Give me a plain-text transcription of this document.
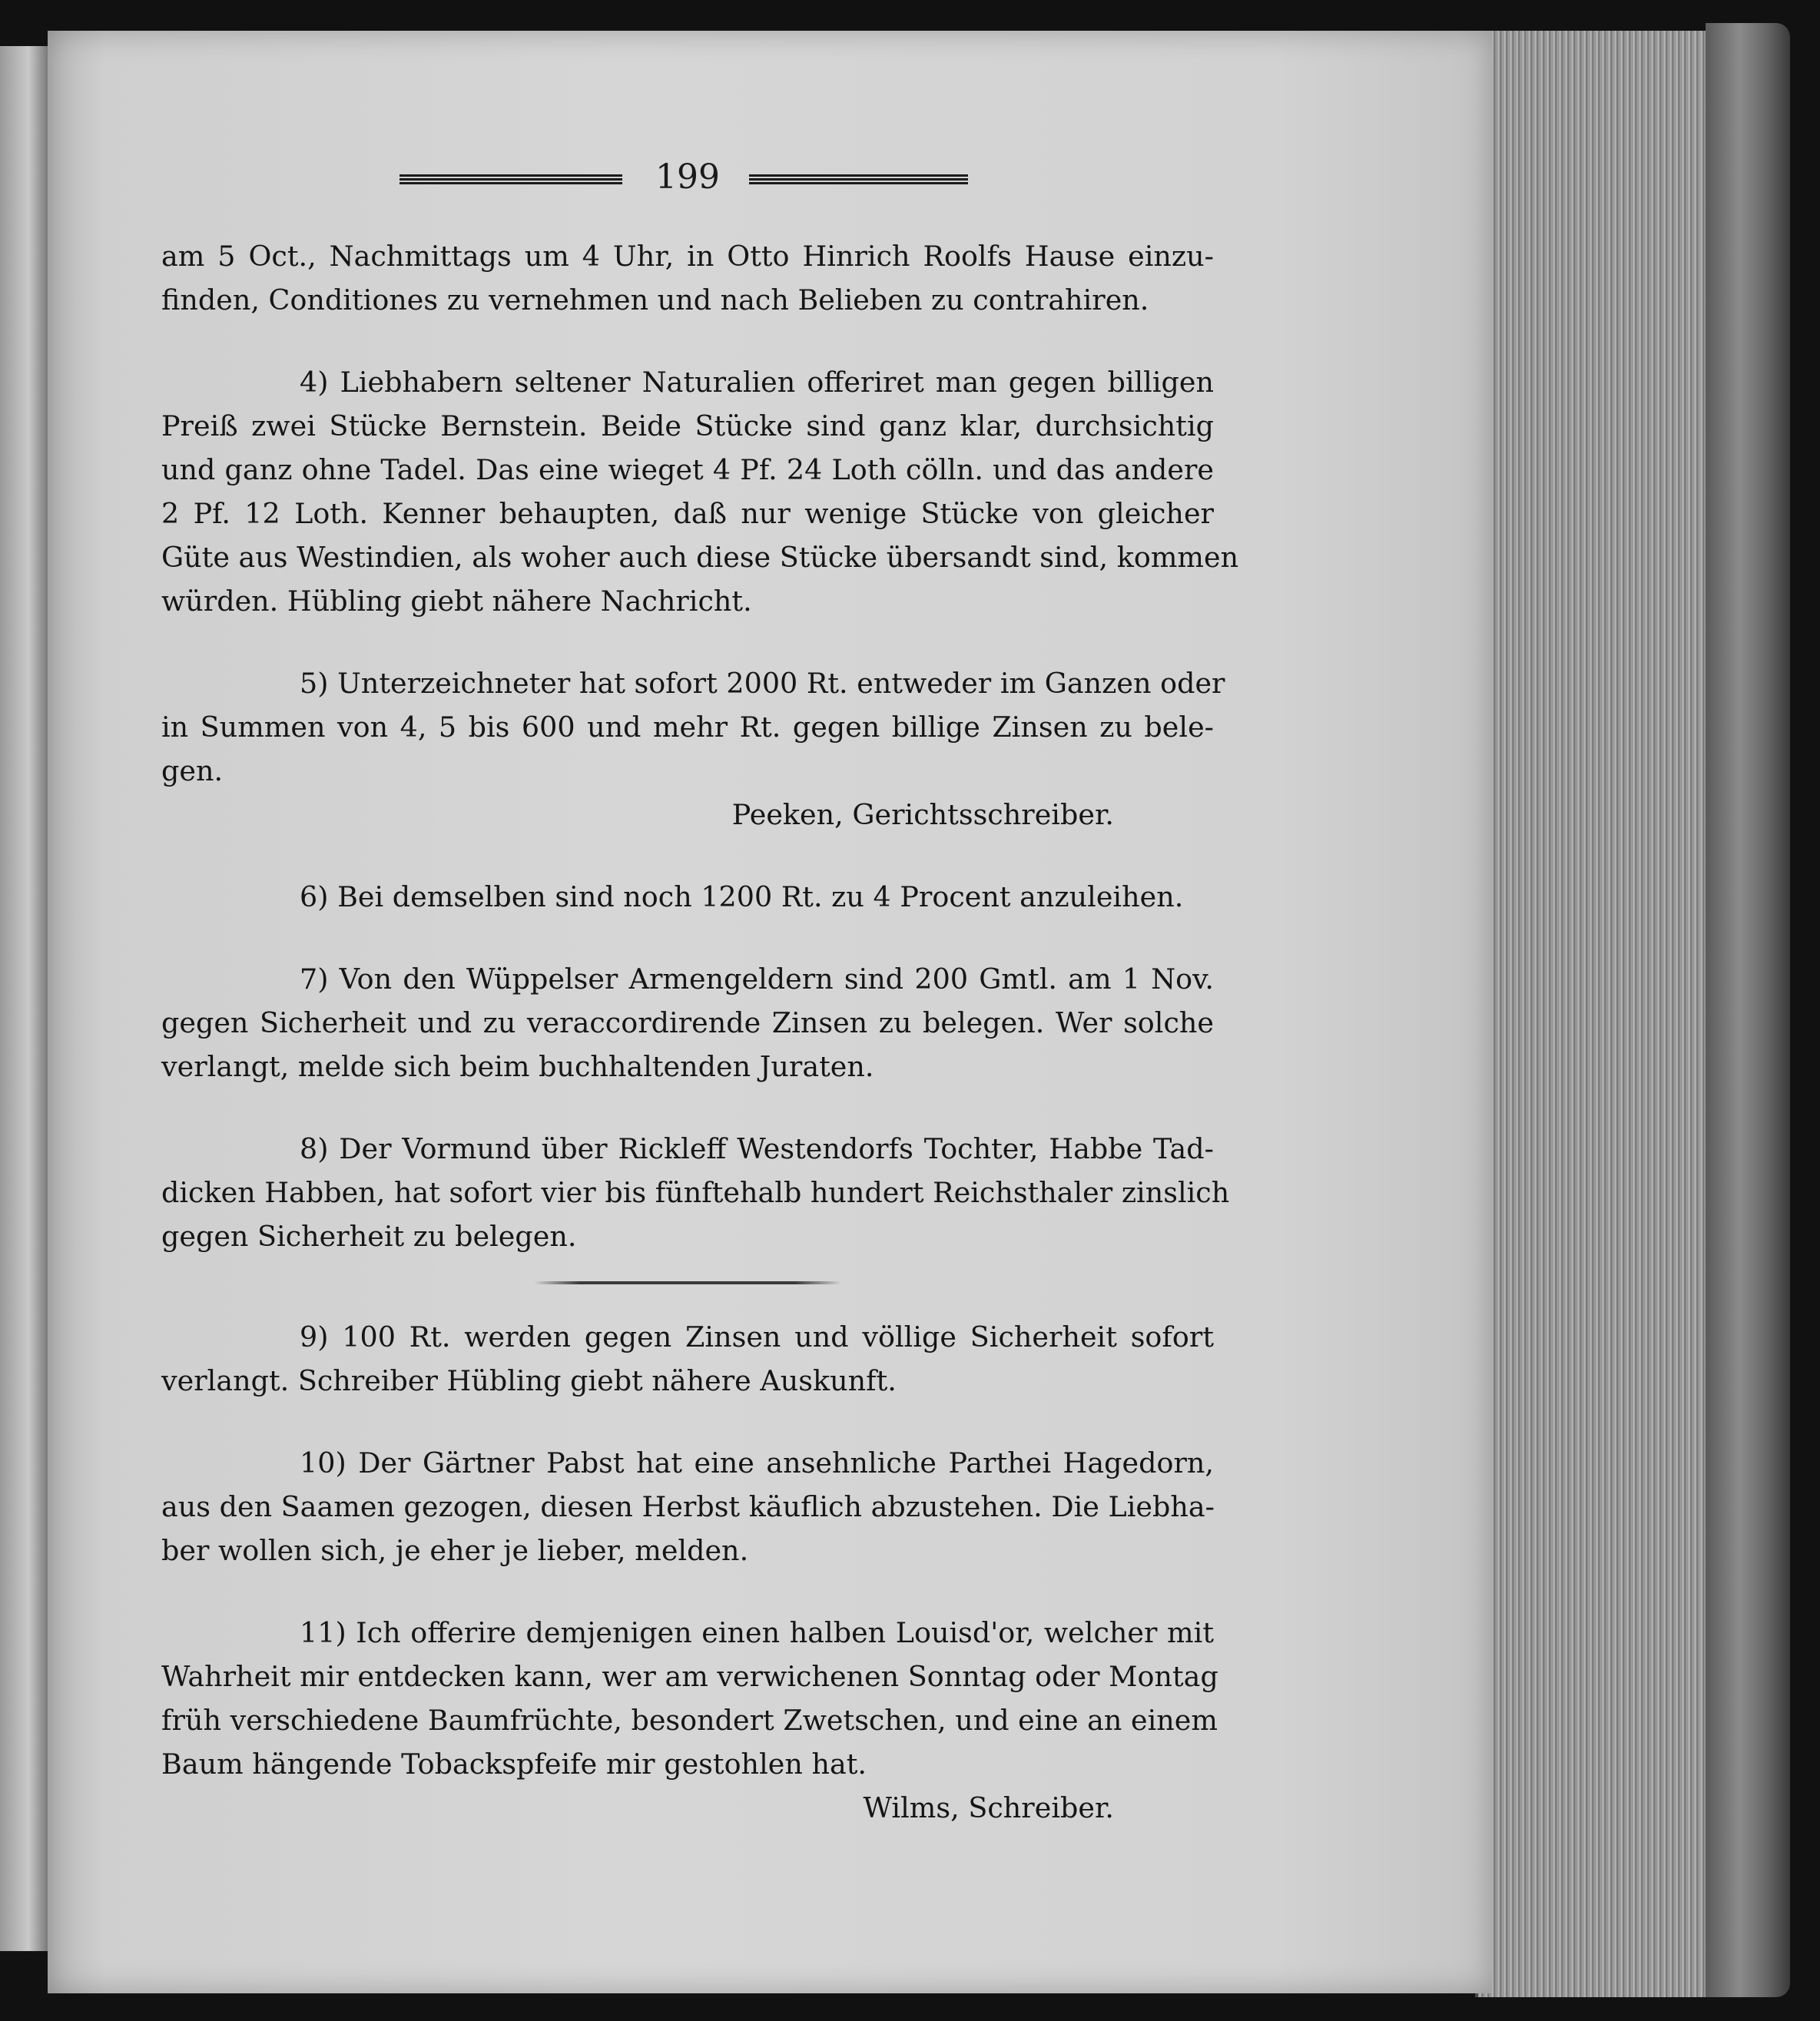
199
am 5 Oct., Nachmittags um 4 Uhr, in Otto Hinrich Roolfs Hause einzu-
finden, Conditiones zu vernehmen und nach Belieben zu contrahiren.
4) Liebhabern seltener Naturalien offeriret man gegen billigen
Preiß zwei Stücke Bernstein. Beide Stücke sind ganz klar, durchsichtig
und ganz ohne Tadel. Das eine wieget 4 Pf. 24 Loth cölln. und das andere
2 Pf. 12 Loth. Kenner behaupten, daß nur wenige Stücke von gleicher
Güte aus Westindien, als woher auch diese Stücke übersandt sind, kommen
würden. Hübling giebt nähere Nachricht.
5) Unterzeichneter hat sofort 2000 Rt. entweder im Ganzen oder
in Summen von 4, 5 bis 600 und mehr Rt. gegen billige Zinsen zu bele-
gen.
Peeken, Gerichtsschreiber.
6) Bei demselben sind noch 1200 Rt. zu 4 Procent anzuleihen.
7) Von den Wüppelser Armengeldern sind 200 Gmtl. am 1 Nov.
gegen Sicherheit und zu veraccordirende Zinsen zu belegen. Wer solche
verlangt, melde sich beim buchhaltenden Juraten.
8) Der Vormund über Rickleff Westendorfs Tochter, Habbe Tad-
dicken Habben, hat sofort vier bis fünftehalb hundert Reichsthaler zinslich
gegen Sicherheit zu belegen.
9) 100 Rt. werden gegen Zinsen und völlige Sicherheit sofort
verlangt. Schreiber Hübling giebt nähere Auskunft.
10) Der Gärtner Pabst hat eine ansehnliche Parthei Hagedorn,
aus den Saamen gezogen, diesen Herbst käuflich abzustehen. Die Liebha-
ber wollen sich, je eher je lieber, melden.
11) Ich offerire demjenigen einen halben Louisd'or, welcher mit
Wahrheit mir entdecken kann, wer am verwichenen Sonntag oder Montag
früh verschiedene Baumfrüchte, besondert Zwetschen, und eine an einem
Baum hängende Tobackspfeife mir gestohlen hat.
Wilms, Schreiber.
